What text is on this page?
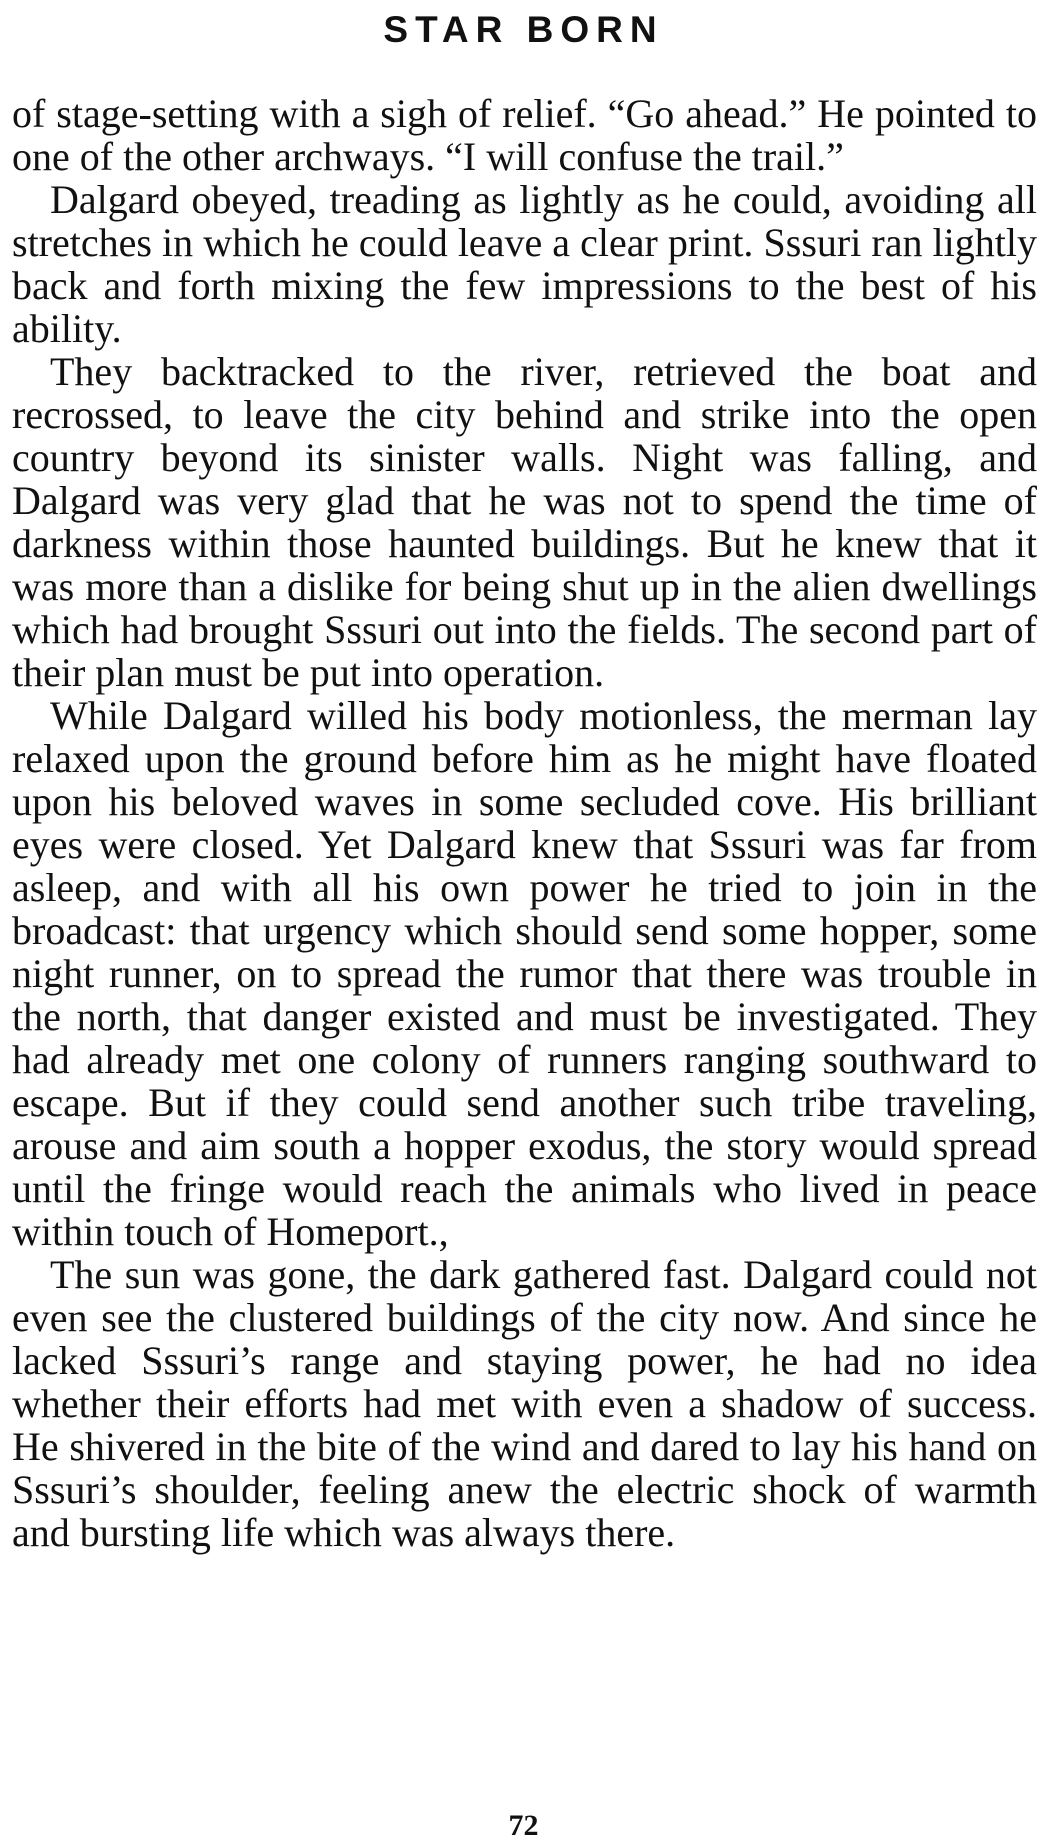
STAR BORN

of stage-setting with a sigh of relief. “Go ahead.” He pointed to one of the other archways. “I will confuse the trail.”

Dalgard obeyed, treading as lightly as he could, avoiding all stretches in which he could leave a clear print. Sssuri ran lightly back and forth mixing the few impressions to the best of his ability.

They backtracked to the river, retrieved the boat and recrossed, to leave the city behind and strike into the open country beyond its sinister walls. Night was falling, and Dalgard was very glad that he was not to spend the time of darkness within those haunted buildings. But he knew that it was more than a dislike for being shut up in the alien dwellings which had brought Sssuri out into the fields. The second part of their plan must be put into operation.

While Dalgard willed his body motionless, the merman lay relaxed upon the ground before him as he might have floated upon his beloved waves in some secluded cove. His brilliant eyes were closed. Yet Dalgard knew that Sssuri was far from asleep, and with all his own power he tried to join in the broadcast: that urgency which should send some hopper, some night runner, on to spread the rumor that there was trouble in the north, that danger existed and must be investigated. They had already met one colony of runners ranging southward to escape. But if they could send another such tribe traveling, arouse and aim south a hopper exodus, the story would spread until the fringe would reach the animals who lived in peace within touch of Homeport.,

The sun was gone, the dark gathered fast. Dalgard could not even see the clustered buildings of the city now. And since he lacked Sssuri’s range and staying power, he had no idea whether their efforts had met with even a shadow of success. He shivered in the bite of the wind and dared to lay his hand on Sssuri’s shoulder, feeling anew the electric shock of warmth and bursting life which was always there.

72
